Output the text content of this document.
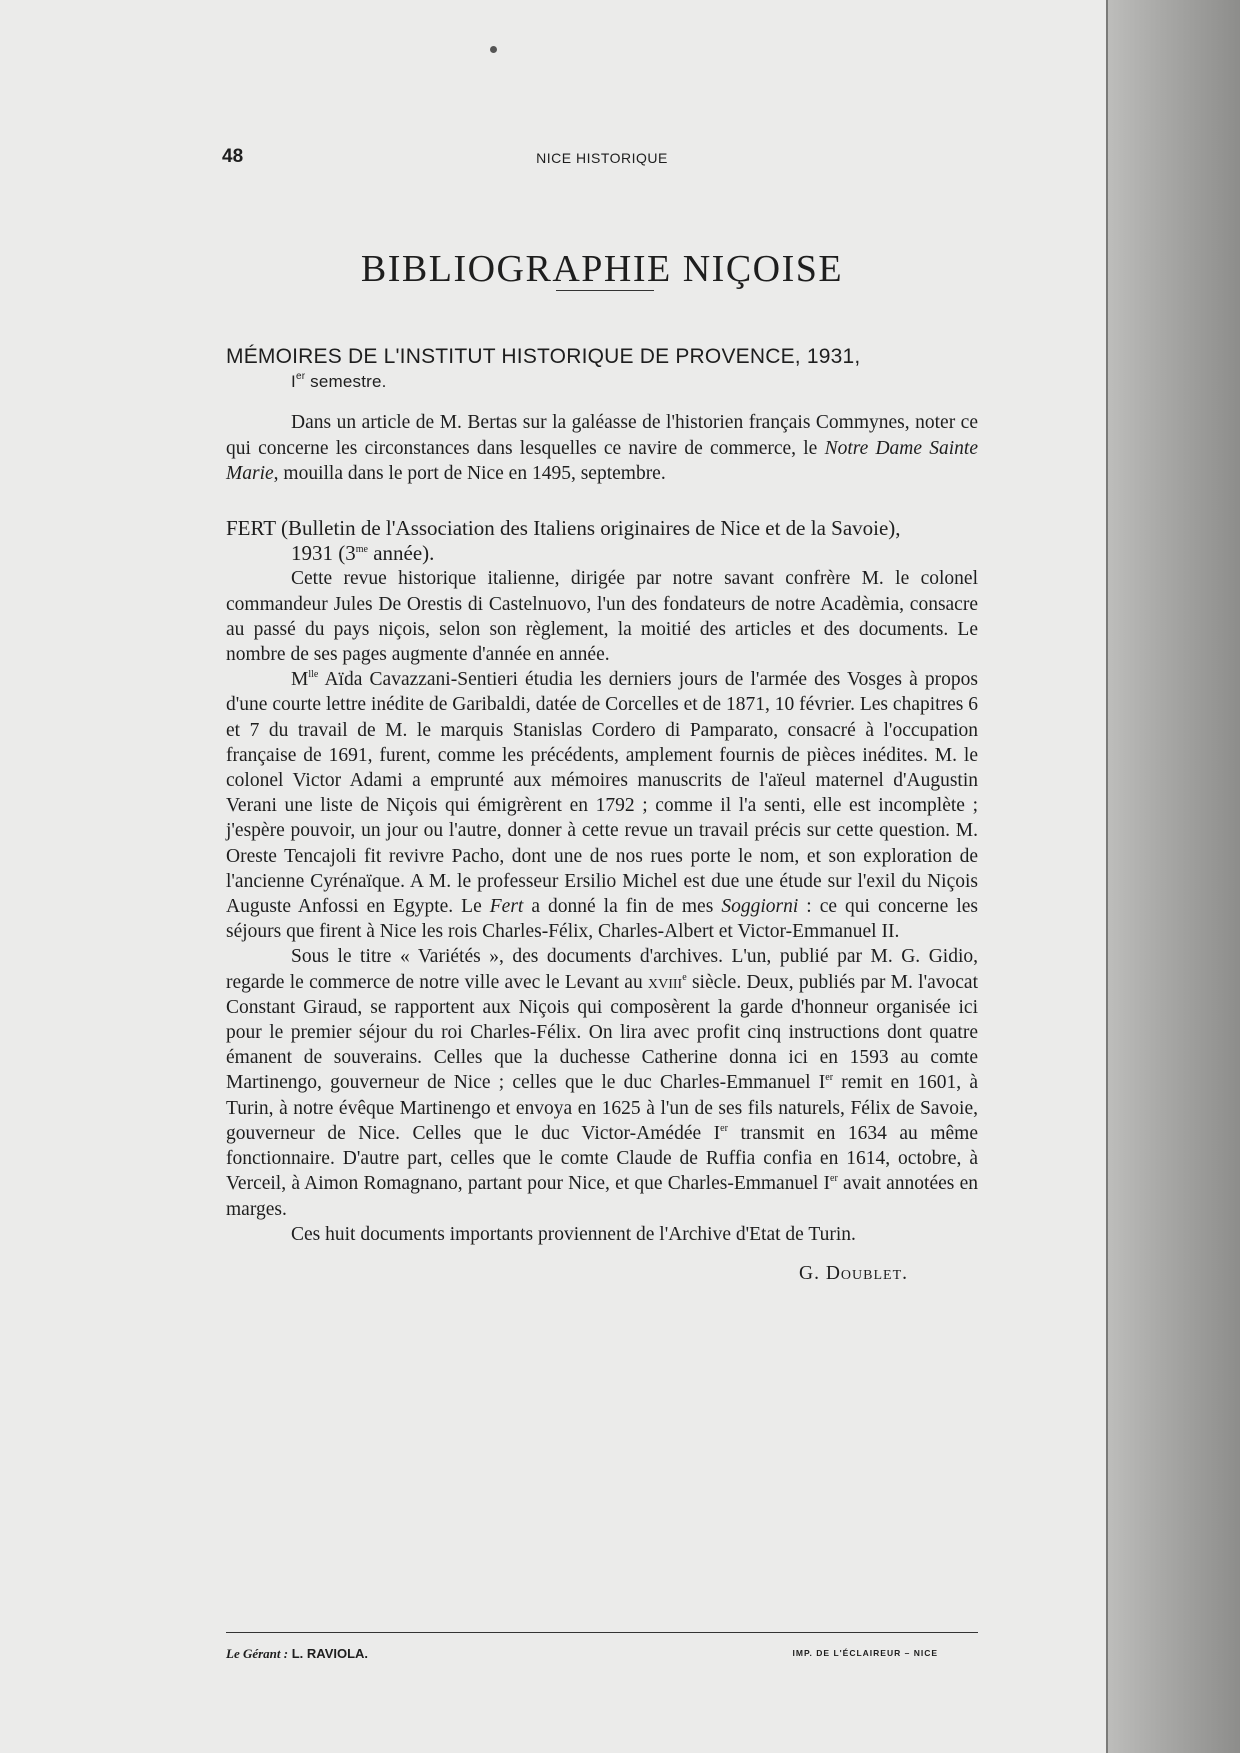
48	NICE HISTORIQUE
BIBLIOGRAPHIE NIÇOISE

MÉMOIRES DE L'INSTITUT HISTORIQUE DE PROVENCE, 1931,
Ier semestre.

Dans un article de M. Bertas sur la galéasse de l'historien français Commynes, noter ce qui concerne les circonstances dans lesquelles ce navire de commerce, le Notre Dame Sainte Marie, mouilla dans le port de Nice en 1495, septembre.

FERT (Bulletin de l'Association des Italiens originaires de Nice et de la Savoie),
1931 ($3^{me}$ année).

Cette revue historique italienne, dirigée par notre savant confrère M. le colonel commandeur Jules De Orestis di Castelnuovo, l'un des fondateurs de notre Acadèmia, consacre au passé du pays niçois, selon son règlement, la moitié des articles et des documents. Le nombre de ses pages augmente d'année en année.

$M^{lle}$ Aïda Cavazzani-Sentieri étudia les derniers jours de l'armée des Vosges à propos d'une courte lettre inédite de Garibaldi, datée de Corcelles et de 1871, 10 février. Les chapitres 6 et 7 du travail de M. le marquis Stanislas Cordero di Pamparato, consacré à l'occupation française de 1691, furent, comme les précédents, amplement fournis de pièces inédites. M. le colonel Victor Adami a emprunté aux mémoires manuscrits de l'aïeul maternel d'Augustin Verani une liste de Niçois qui émigrèrent en 1792 ; comme il l'a senti, elle est incomplète ; j'espère pouvoir, un jour ou l'autre, donner à cette revue un travail précis sur cette question. M. Oreste Tencajoli fit revivre Pacho, dont une de nos rues porte le nom, et son exploration de l'ancienne Cyrénaïque. A M. le professeur Ersilio Michel est due une étude sur l'exil du Niçois Auguste Anfossi en Egypte. Le Fert a donné la fin de mes Soggiorni : ce qui concerne les séjours que firent à Nice les rois Charles-Félix, Charles-Albert et Victor-Emmanuel II.

Sous le titre « Variétés », des documents d'archives. L'un, publié par M. G. Gidio, regarde le commerce de notre ville avec le Levant au xviii$^e$ siècle. Deux, publiés par M. l'avocat Constant Giraud, se rapportent aux Niçois qui composèrent la garde d'honneur organisée ici pour le premier séjour du roi Charles-Félix. On lira avec profit cinq instructions dont quatre émanent de souverains. Celles que la duchesse Catherine donna ici en 1593 au comte Martinengo, gouverneur de Nice ; celles que le duc Charles-Emmanuel Ier remit en 1601, à Turin, à notre évêque Martinengo et envoya en 1625 à l'un de ses fils naturels, Félix de Savoie, gouverneur de Nice. Celles que le duc Victor-Amédée Ier transmit en 1634 au même fonctionnaire. D'autre part, celles que le comte Claude de Ruffia confia en 1614, octobre, à Verceil, à Aimon Romagnano, partant pour Nice, et que Charles-Emmanuel Ier avait annotées en marges.

Ces huit documents importants proviennent de l'Archive d'Etat de Turin.

G. Doublet.
Le Gérant : L. RAVIOLA.	IMP. DE L'ÉCLAIREUR – NICE
